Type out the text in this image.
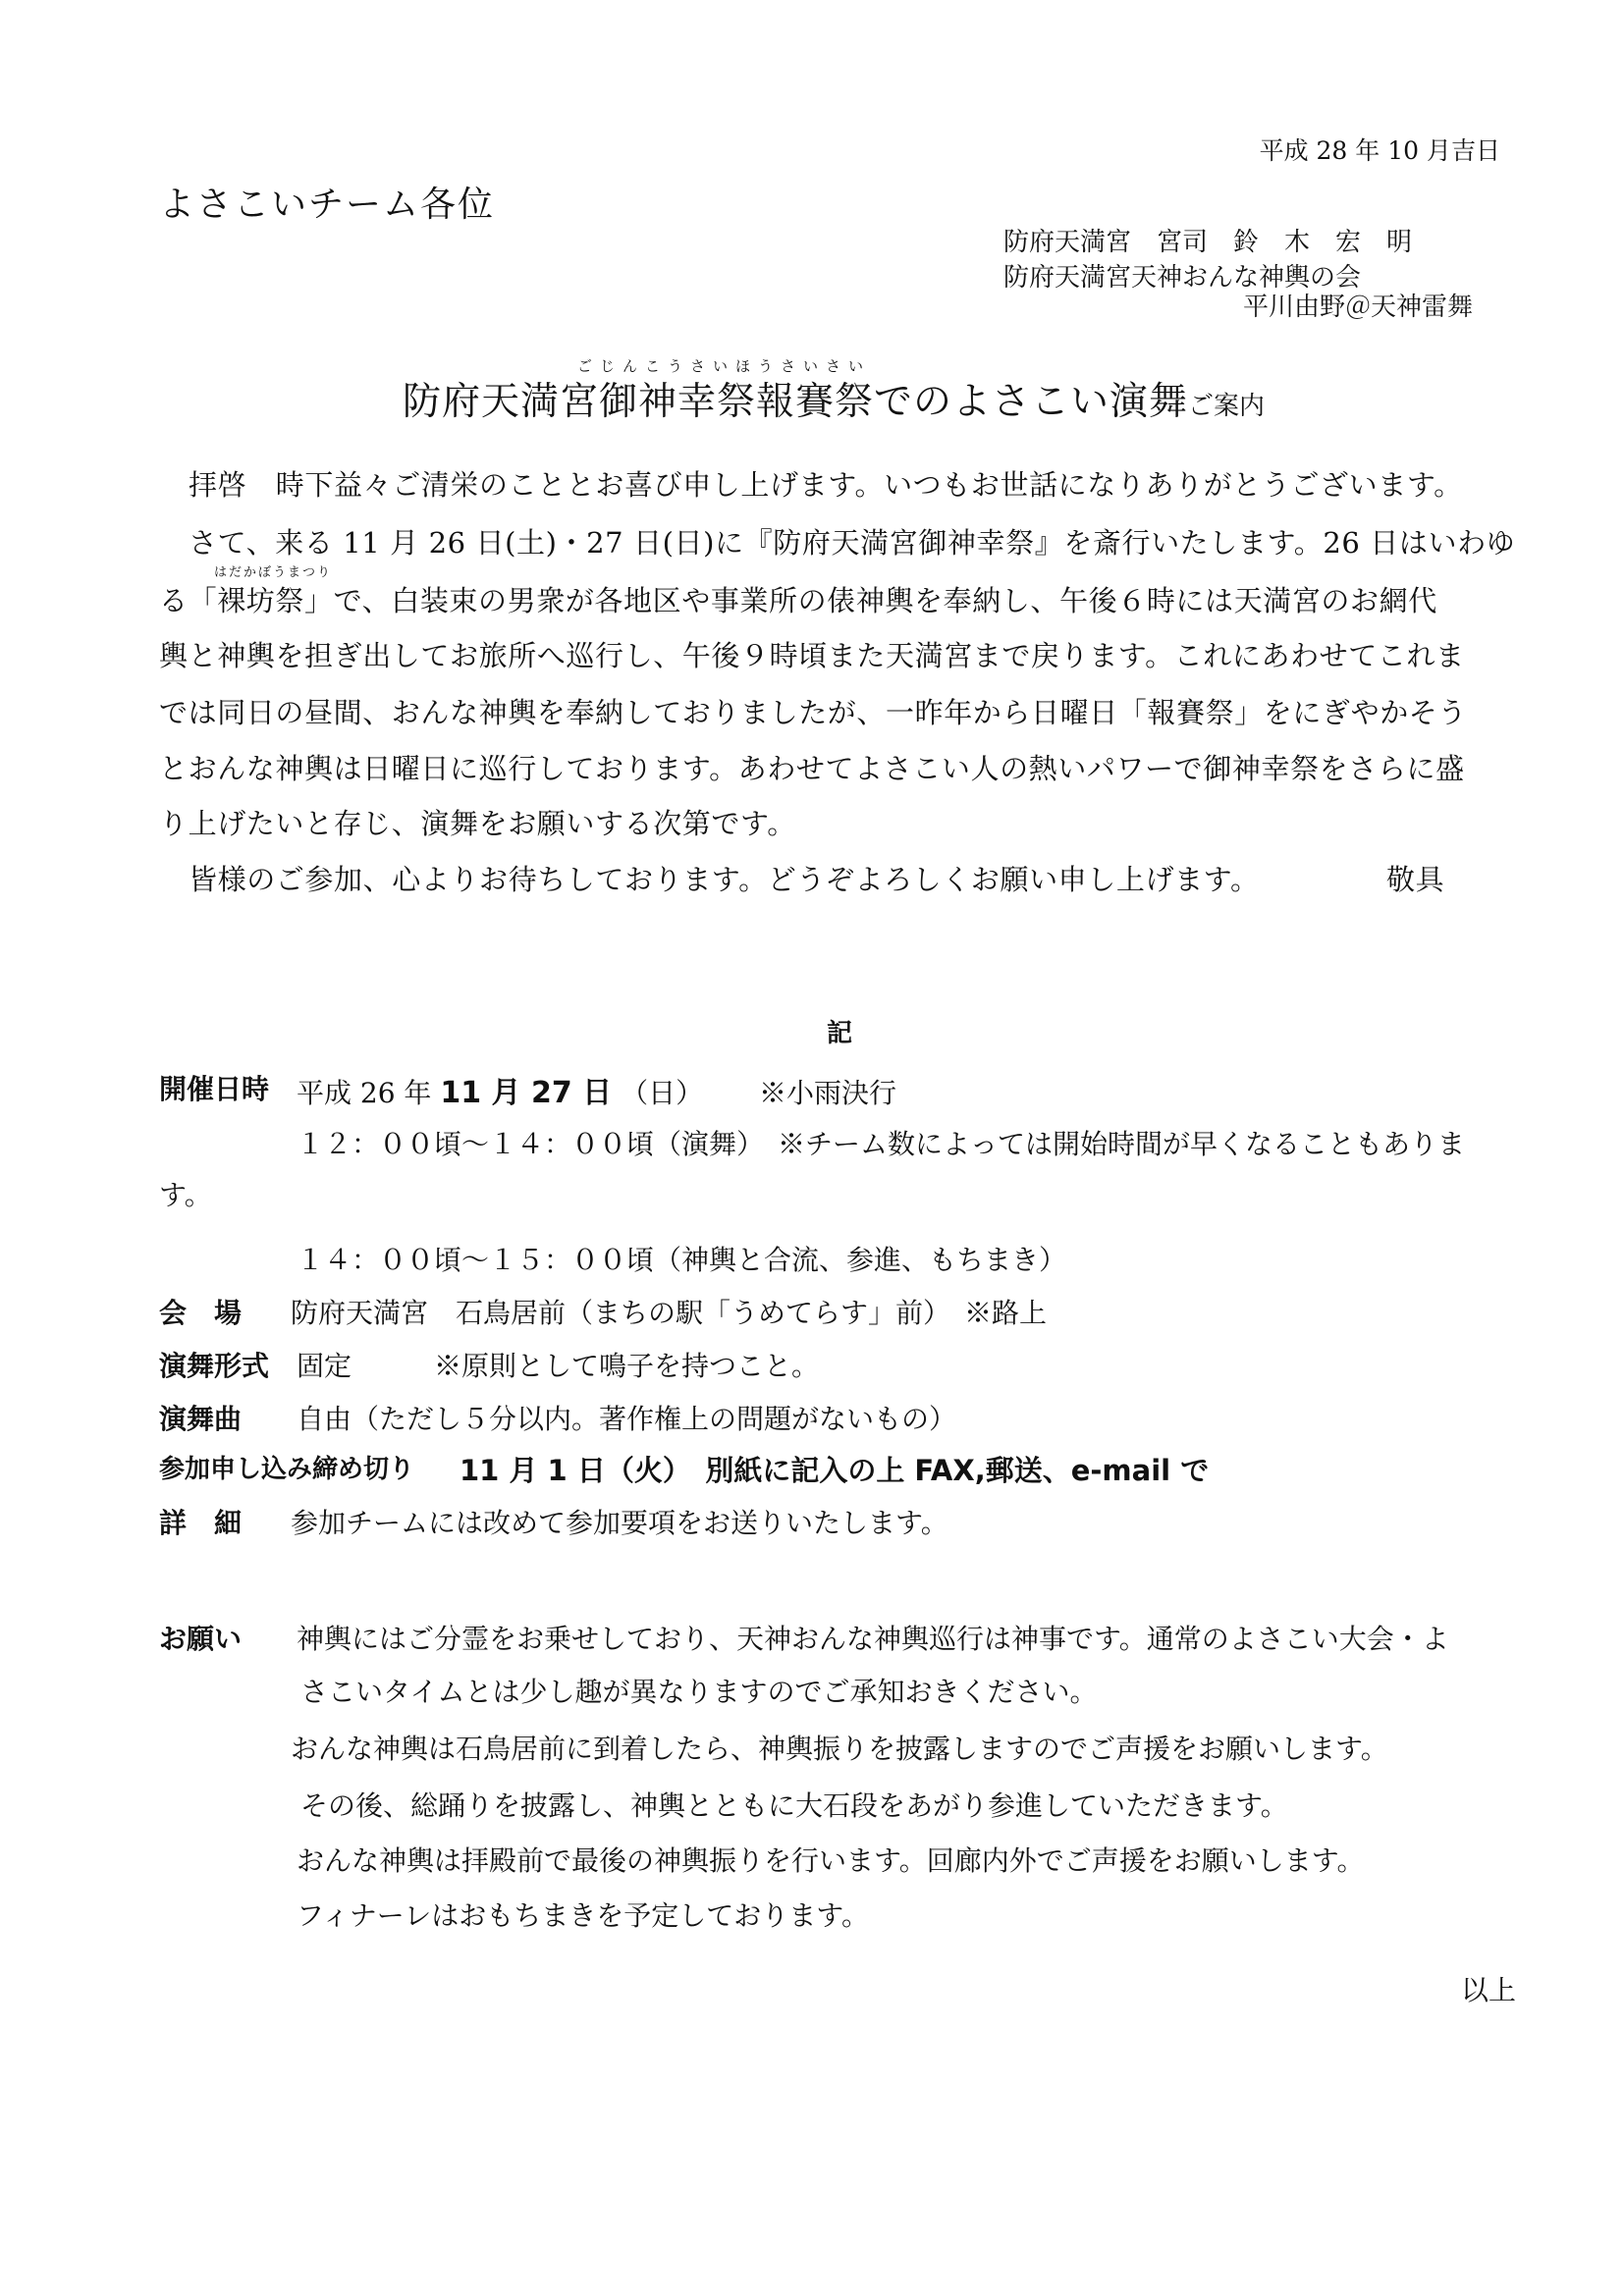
平成 28 年 10 月吉日
よさこいチーム各位
防府天満宮　宮司　鈴　木　宏　明
防府天満宮天神おんな神輿の会
平川由野＠天神雷舞
ごじんこうさいほうさいさい
防府天満宮御神幸祭報賽祭でのよさこい演舞ご案内
拝啓　時下益々ご清栄のこととお喜び申し上げます。いつもお世話になりありがとうございます。
さて、来る 11 月 26 日(土)・27 日(日)に『防府天満宮御神幸祭』を斎行いたします。26 日はいわゆ
はだかぼうまつり
る「裸坊祭」で、白装束の男衆が各地区や事業所の俵神輿を奉納し、午後６時には天満宮のお網代
輿と神輿を担ぎ出してお旅所へ巡行し、午後９時頃また天満宮まで戻ります。これにあわせてこれま
では同日の昼間、おんな神輿を奉納しておりましたが、一昨年から日曜日「報賽祭」をにぎやかそう
とおんな神輿は日曜日に巡行しております。あわせてよさこい人の熱いパワーで御神幸祭をさらに盛
り上げたいと存じ、演舞をお願いする次第です。
皆様のご参加、心よりお待ちしております。どうぞよろしくお願い申し上げます。	敬具
記
開催日時 平成 26 年 11 月 27 日 （日） ※小雨決行
１２：００頃～１４：００頃（演舞）　※チーム数によっては開始時間が早くなることもありま
す。
１４：００頃～１５：００頃（神輿と合流、参進、もちまき）
会　場 防府天満宮　石鳥居前（まちの駅「うめてらす」前）　※路上
演舞形式 固定　　　※原則として鳴子を持つこと。
演舞曲 自由（ただし５分以内。著作権上の問題がないもの）
参加申し込み締め切り 11 月 1 日（火）　別紙に記入の上 FAX,郵送、e-mail で
詳　細 参加チームには改めて参加要項をお送りいたします。
お願い 神輿にはご分霊をお乗せしており、天神おんな神輿巡行は神事です。通常のよさこい大会・よ
さこいタイムとは少し趣が異なりますのでご承知おきください。
おんな神輿は石鳥居前に到着したら、神輿振りを披露しますのでご声援をお願いします。
その後、総踊りを披露し、神輿とともに大石段をあがり参進していただきます。
おんな神輿は拝殿前で最後の神輿振りを行います。回廊内外でご声援をお願いします。
フィナーレはおもちまきを予定しております。
以上
